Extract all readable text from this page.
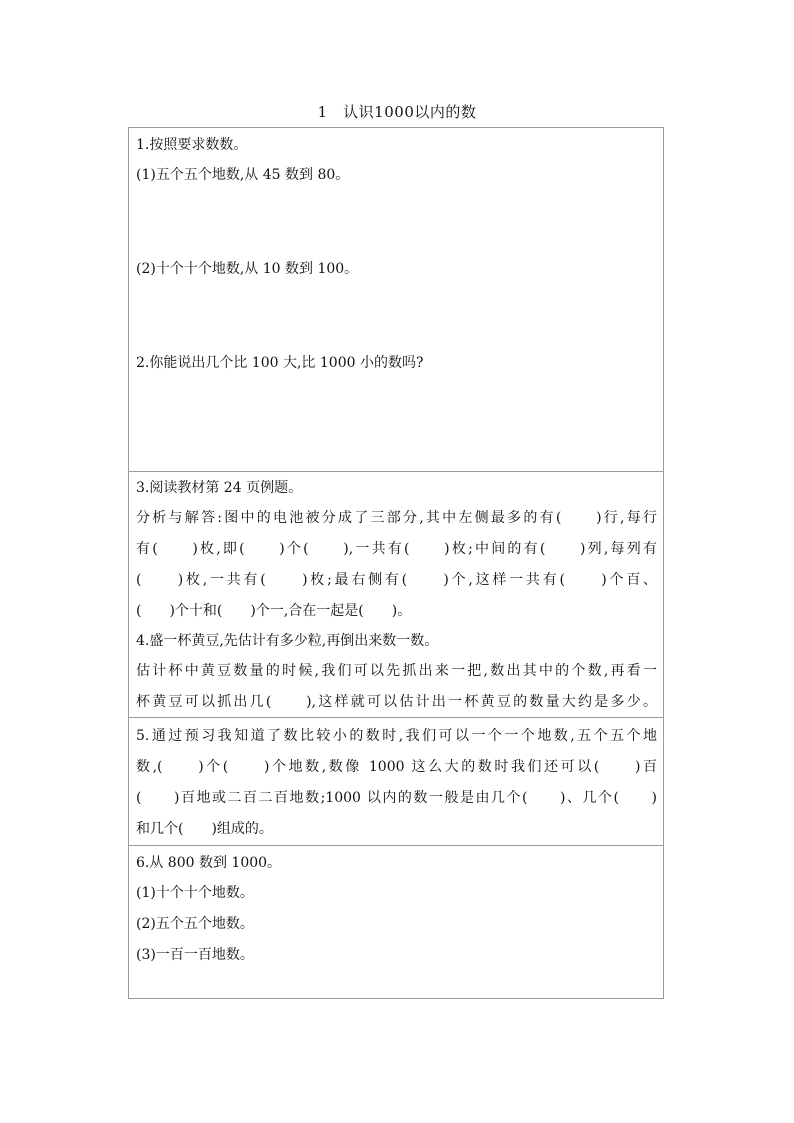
1　认识1000以内的数
1.按照要求数数。
(1)五个五个地数,从 45 数到 80。
(2)十个十个地数,从 10 数到 100。
2.你能说出几个比 100 大,比 1000 小的数吗?
3.阅读教材第 24 页例题。
分析与解答:图中的电池被分成了三部分,其中左侧最多的有(　　)行,每行
有(　　)枚,即(　　)个(　　),一共有(　　)枚;中间的有(　　)列,每列有
(　　)枚,一共有(　　)枚;最右侧有(　　)个,这样一共有(　　)个百、
(　　)个十和(　　)个一,合在一起是(　　)。
4.盛一杯黄豆,先估计有多少粒,再倒出来数一数。
估计杯中黄豆数量的时候,我们可以先抓出来一把,数出其中的个数,再看一
杯黄豆可以抓出几(　　),这样就可以估计出一杯黄豆的数量大约是多少。
5.通过预习我知道了数比较小的数时,我们可以一个一个地数,五个五个地
数,(　　)个(　　)个地数,数像 1000 这么大的数时我们还可以(　　)百
(　　)百地或二百二百地数;1000 以内的数一般是由几个(　　)、几个(　　)
和几个(　　)组成的。
6.从 800 数到 1000。
(1)十个十个地数。
(2)五个五个地数。
(3)一百一百地数。
